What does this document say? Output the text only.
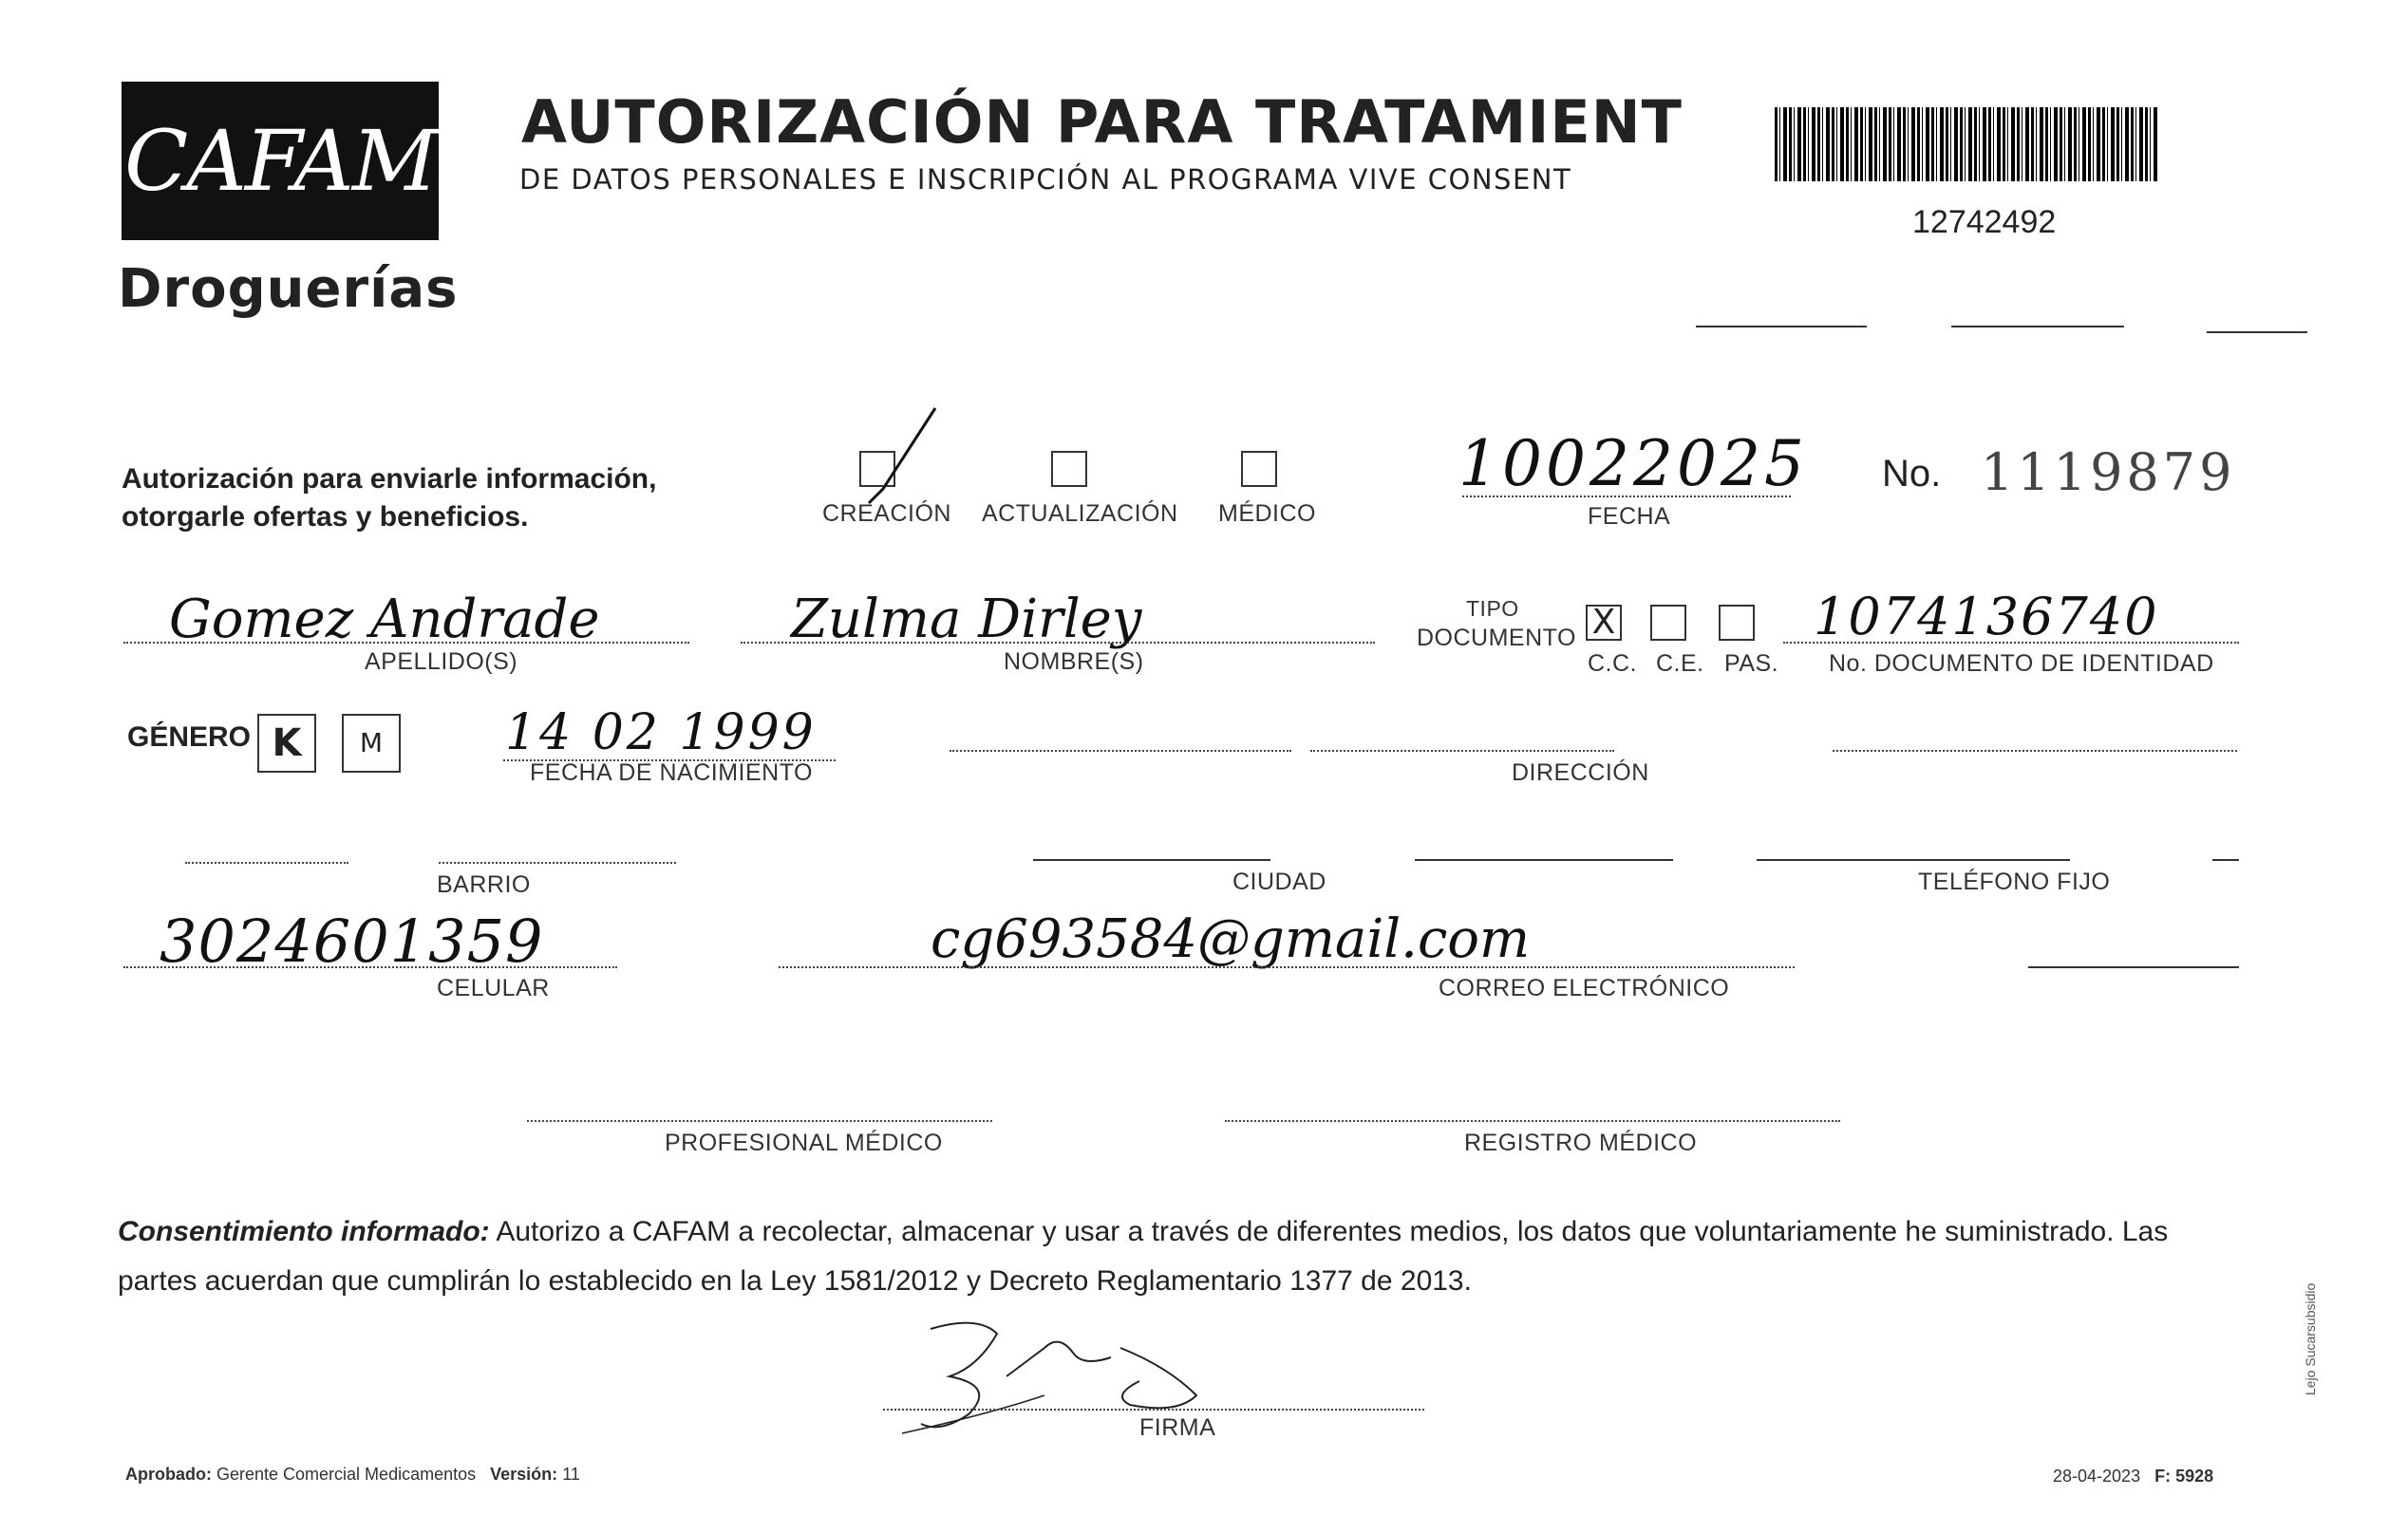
CAFAM
Droguerías
AUTORIZACIÓN PARA TRATAMIENT
DE DATOS PERSONALES E INSCRIPCIÓN AL PROGRAMA VIVE CONSENT
12742492
Autorización para enviarle información, otorgarle ofertas y beneficios.	CREACIÓN ACTUALIZACIÓN MÉDICO
10022025
FECHA
No. 1119879
Gomez Andrade
APELLIDO(S)
Zulma Dirley
NOMBRE(S)
TIPO
DOCUMENTO X
C.C. C.E. PAS.
1074136740
No. DOCUMENTO DE IDENTIDAD
GÉNERO K	M	14 02 1999
FECHA DE NACIMIENTO	DIRECCIÓN
BARRIO	CIUDAD	TELÉFONO FIJO
3024601359
CELULAR
cg693584@gmail.com
CORREO ELECTRÓNICO
PROFESIONAL MÉDICO	REGISTRO MÉDICO
Consentimiento informado: Autorizo a CAFAM a recolectar, almacenar y usar a través de diferentes medios, los datos que voluntariamente he suministrado. Las partes acuerdan que cumplirán lo establecido en la Ley 1581/2012 y Decreto Reglamentario 1377 de 2013.
FIRMA
Aprobado: Gerente Comercial Medicamentos Versión: 11	28-04-2023 F: 5928
Lejo Sucarsubsidio
